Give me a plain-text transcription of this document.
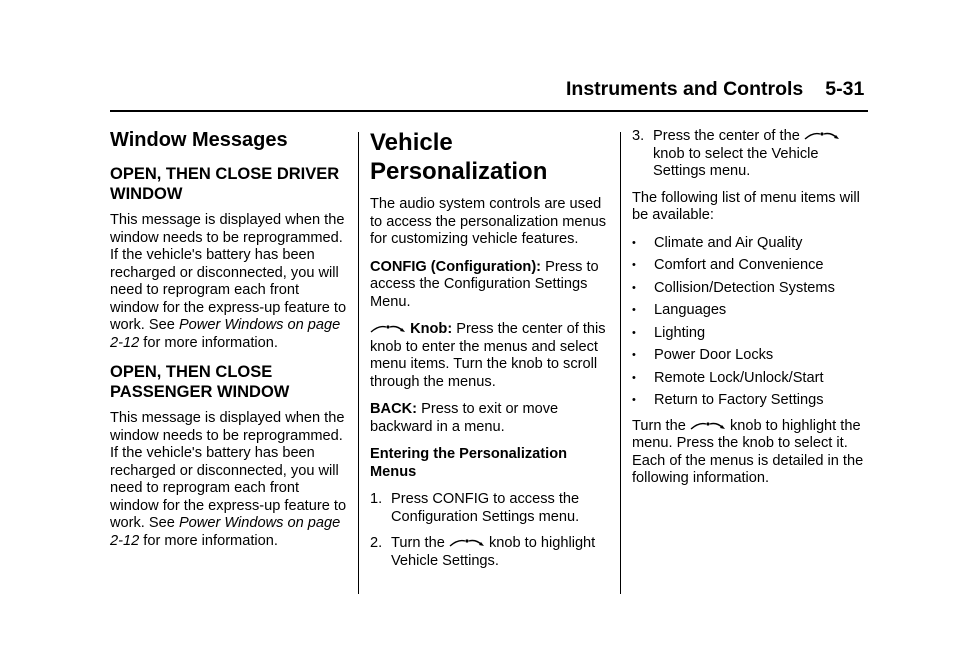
Instruments and Controls 5-31
Window Messages
OPEN, THEN CLOSE DRIVER WINDOW

This message is displayed when the window needs to be reprogrammed. If the vehicle's battery has been recharged or disconnected, you will need to reprogram each front window for the express-up feature to work. See Power Windows on page 2-12 for more information.

OPEN, THEN CLOSE PASSENGER WINDOW

This message is displayed when the window needs to be reprogrammed. If the vehicle's battery has been recharged or disconnected, you will need to reprogram each front window for the express-up feature to work. See Power Windows on page 2-12 for more information.

Vehicle Personalization

The audio system controls are used to access the personalization menus for customizing vehicle features.

CONFIG (Configuration): Press to access the Configuration Settings Menu.

Knob: Press the center of this knob to enter the menus and select menu items. Turn the knob to scroll through the menus.

BACK: Press to exit or move backward in a menu.

Entering the Personalization Menus

1. Press CONFIG to access the Configuration Settings menu.
2. Turn the	knob to highlight Vehicle Settings.
3. Press the center of the  knob to select the Vehicle Settings menu.

The following list of menu items will be available:

•	Climate and Air Quality
•	Comfort and Convenience
•	Collision/Detection Systems
•	Languages
•	Lighting
•	Power Door Locks
•	Remote Lock/Unlock/Start
•	Return to Factory Settings

Turn the	knob to highlight the menu. Press the knob to select it. Each of the menus is detailed in the following information.
